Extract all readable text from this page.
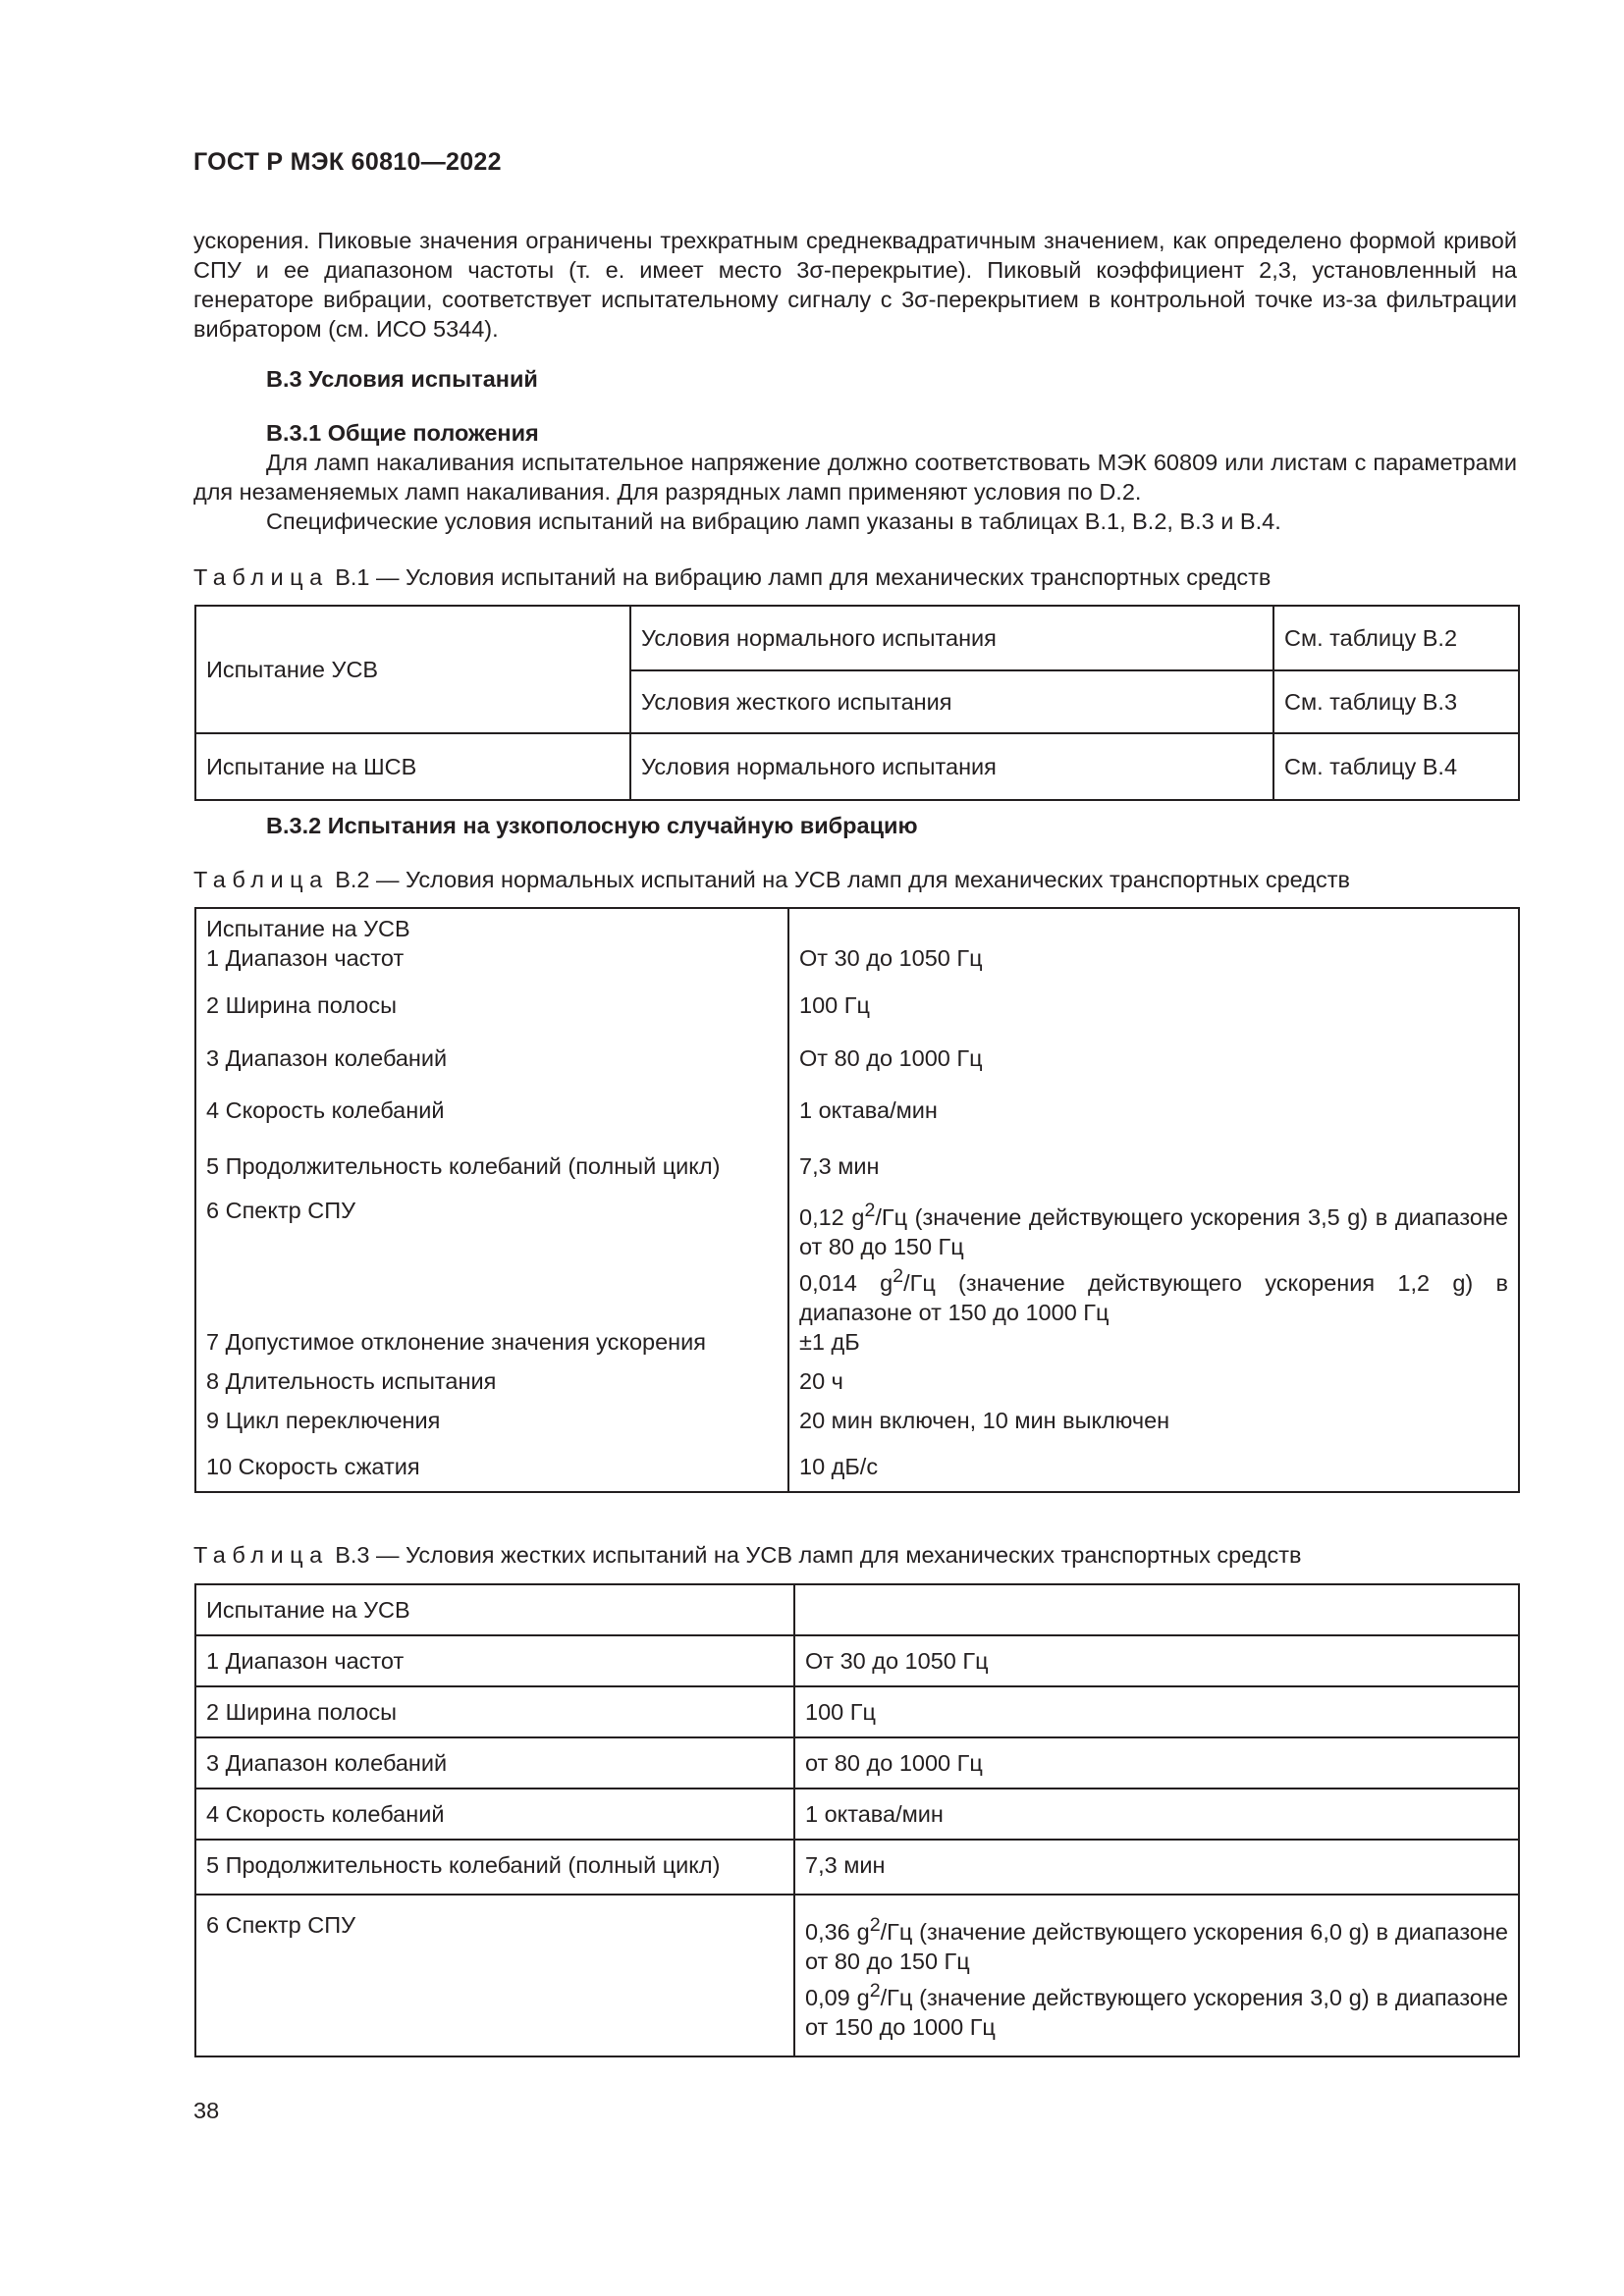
ГОСТ Р МЭК 60810—2022
ускорения. Пиковые значения ограничены трехкратным среднеквадратичным значением, как определено формой кривой СПУ и ее диапазоном частоты (т. е. имеет место 3σ-перекрытие). Пиковый коэффициент 2,3, установленный на генераторе вибрации, соответствует испытательному сигналу с 3σ-перекрытием в контрольной точке из-за фильтрации вибратором (см. ИСО 5344).
B.3 Условия испытаний
B.3.1 Общие положения
Для ламп накаливания испытательное напряжение должно соответствовать МЭК 60809 или листам с параметрами для незаменяемых ламп накаливания. Для разрядных ламп применяют условия по D.2.
Специфические условия испытаний на вибрацию ламп указаны в таблицах В.1, В.2, В.3 и В.4.
Таблица B.1 — Условия испытаний на вибрацию ламп для механических транспортных средств
Испытание УСВ	Условия нормального испытания	См. таблицу В.2
	Условия жесткого испытания	См. таблицу В.3
Испытание на ШСВ	Условия нормального испытания	См. таблицу В.4
B.3.2 Испытания на узкополосную случайную вибрацию
Таблица B.2 — Условия нормальных испытаний на УСВ ламп для механических транспортных средств
Испытание на УСВ
1 Диапазон частот	От 30 до 1050 Гц
2 Ширина полосы	100 Гц
3 Диапазон колебаний	От 80 до 1000 Гц
4 Скорость колебаний	1 октава/мин
5 Продолжительность колебаний (полный цикл)	7,3 мин
6 Спектр СПУ	0,12 $g^2/Гц$ (значение действующего ускорения 3,5 g) в диапазоне от 80 до 150 Гц
0,014 $g^2/Гц$ (значение действующего ускорения 1,2 g) в диапазоне от 150 до 1000 Гц

7 Допустимое отклонение значения ускорения	±1 дБ
8 Длительность испытания	20 ч
9 Цикл переключения	20 мин включен, 10 мин выключен
10 Скорость сжатия	10 дБ/с
Таблица B.3 — Условия жестких испытаний на УСВ ламп для механических транспортных средств
Испытание на УСВ	
1 Диапазон частот	От 30 до 1050 Гц
2 Ширина полосы	100 Гц
3 Диапазон колебаний	от 80 до 1000 Гц
4 Скорость колебаний	1 октава/мин
5 Продолжительность колебаний (полный цикл)	7,3 мин
6 Спектр СПУ	0,36 $g^2/Гц$ (значение действующего ускорения 6,0 g) в диапазоне от 80 до 150 Гц
0,09 $g^2/Гц$ (значение действующего ускорения 3,0 g) в диапазоне от 150 до 1000 Гц
38
